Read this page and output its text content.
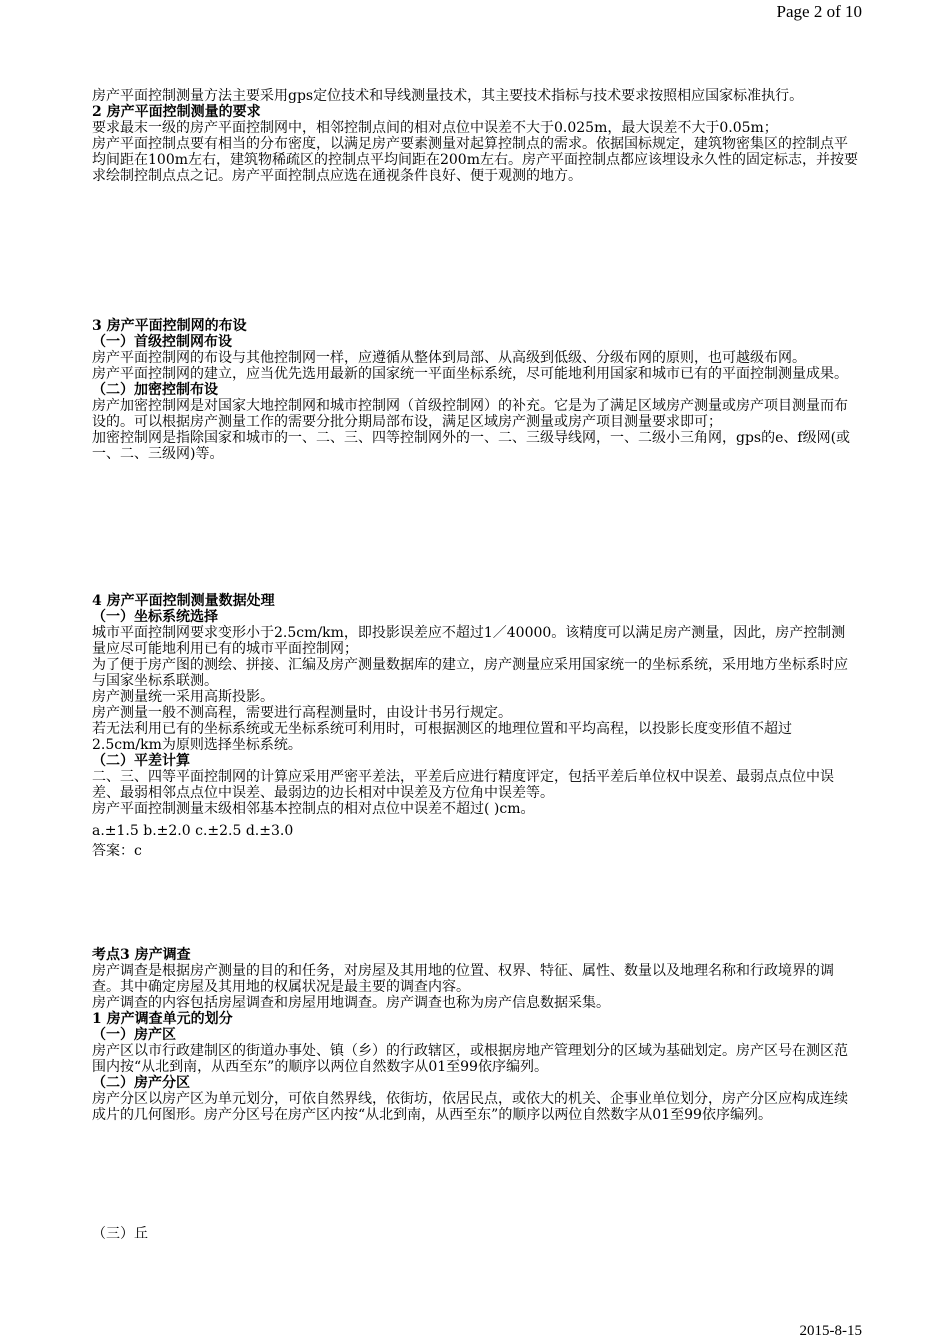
Page 2 of 10

房产平面控制测量方法主要采用gps定位技术和导线测量技术，其主要技术指标与技术要求按照相应国家标准执行。

2 房产平面控制测量的要求

要求最末一级的房产平面控制网中，相邻控制点间的相对点位中误差不大于0.025m，最大误差不大于0.05m；

房产平面控制点要有相当的分布密度，以满足房产要素测量对起算控制点的需求。依据国标规定，建筑物密集区的控制点平均间距在100m左右，建筑物稀疏区的控制点平均间距在200m左右。房产平面控制点都应该埋设永久性的固定标志，并按要求绘制控制点点之记。房产平面控制点应选在通视条件良好、便于观测的地方。

3 房产平面控制网的布设

（一）首级控制网布设

房产平面控制网的布设与其他控制网一样，应遵循从整体到局部、从高级到低级、分级布网的原则，也可越级布网。

房产平面控制网的建立，应当优先选用最新的国家统一平面坐标系统，尽可能地利用国家和城市已有的平面控制测量成果。

（二）加密控制布设

房产加密控制网是对国家大地控制网和城市控制网（首级控制网）的补充。它是为了满足区域房产测量或房产项目测量而布设的。可以根据房产测量工作的需要分批分期局部布设，满足区域房产测量或房产项目测量要求即可；

加密控制网是指除国家和城市的一、二、三、四等控制网外的一、二、三级导线网，一、二级小三角网，gps的e、f级网(或一、二、三级网)等。

4 房产平面控制测量数据处理

（一）坐标系统选择

城市平面控制网要求变形小于2.5cm/km，即投影误差应不超过1／40000。该精度可以满足房产测量，因此，房产控制测量应尽可能地利用已有的城市平面控制网；

为了便于房产图的测绘、拼接、汇编及房产测量数据库的建立，房产测量应采用国家统一的坐标系统，采用地方坐标系时应与国家坐标系联测。

房产测量统一采用高斯投影。

房产测量一般不测高程，需要进行高程测量时，由设计书另行规定。

若无法利用已有的坐标系统或无坐标系统可利用时，可根据测区的地理位置和平均高程，以投影长度变形值不超过2.5cm/km为原则选择坐标系统。

（二）平差计算

二、三、四等平面控制网的计算应采用严密平差法，平差后应进行精度评定，包括平差后单位权中误差、最弱点点位中误差、最弱相邻点点位中误差、最弱边的边长相对中误差及方位角中误差等。

房产平面控制测量末级相邻基本控制点的相对点位中误差不超过( )cm。

a.±1.5 b.±2.0 c.±2.5 d.±3.0

答案：c

考点3 房产调查

房产调查是根据房产测量的目的和任务，对房屋及其用地的位置、权界、特征、属性、数量以及地理名称和行政境界的调查。其中确定房屋及其用地的权属状况是最主要的调查内容。

房产调查的内容包括房屋调查和房屋用地调查。房产调查也称为房产信息数据采集。

1 房产调查单元的划分

（一）房产区

房产区以市行政建制区的街道办事处、镇（乡）的行政辖区，或根据房地产管理划分的区域为基础划定。房产区号在测区范围内按“从北到南，从西至东”的顺序以两位自然数字从01至99依序编列。

（二）房产分区

房产分区以房产区为单元划分，可依自然界线，依街坊，依居民点，或依大的机关、企事业单位划分，房产分区应构成连续成片的几何图形。房产分区号在房产区内按“从北到南，从西至东”的顺序以两位自然数字从01至99依序编列。

（三）丘

2015-8-15
